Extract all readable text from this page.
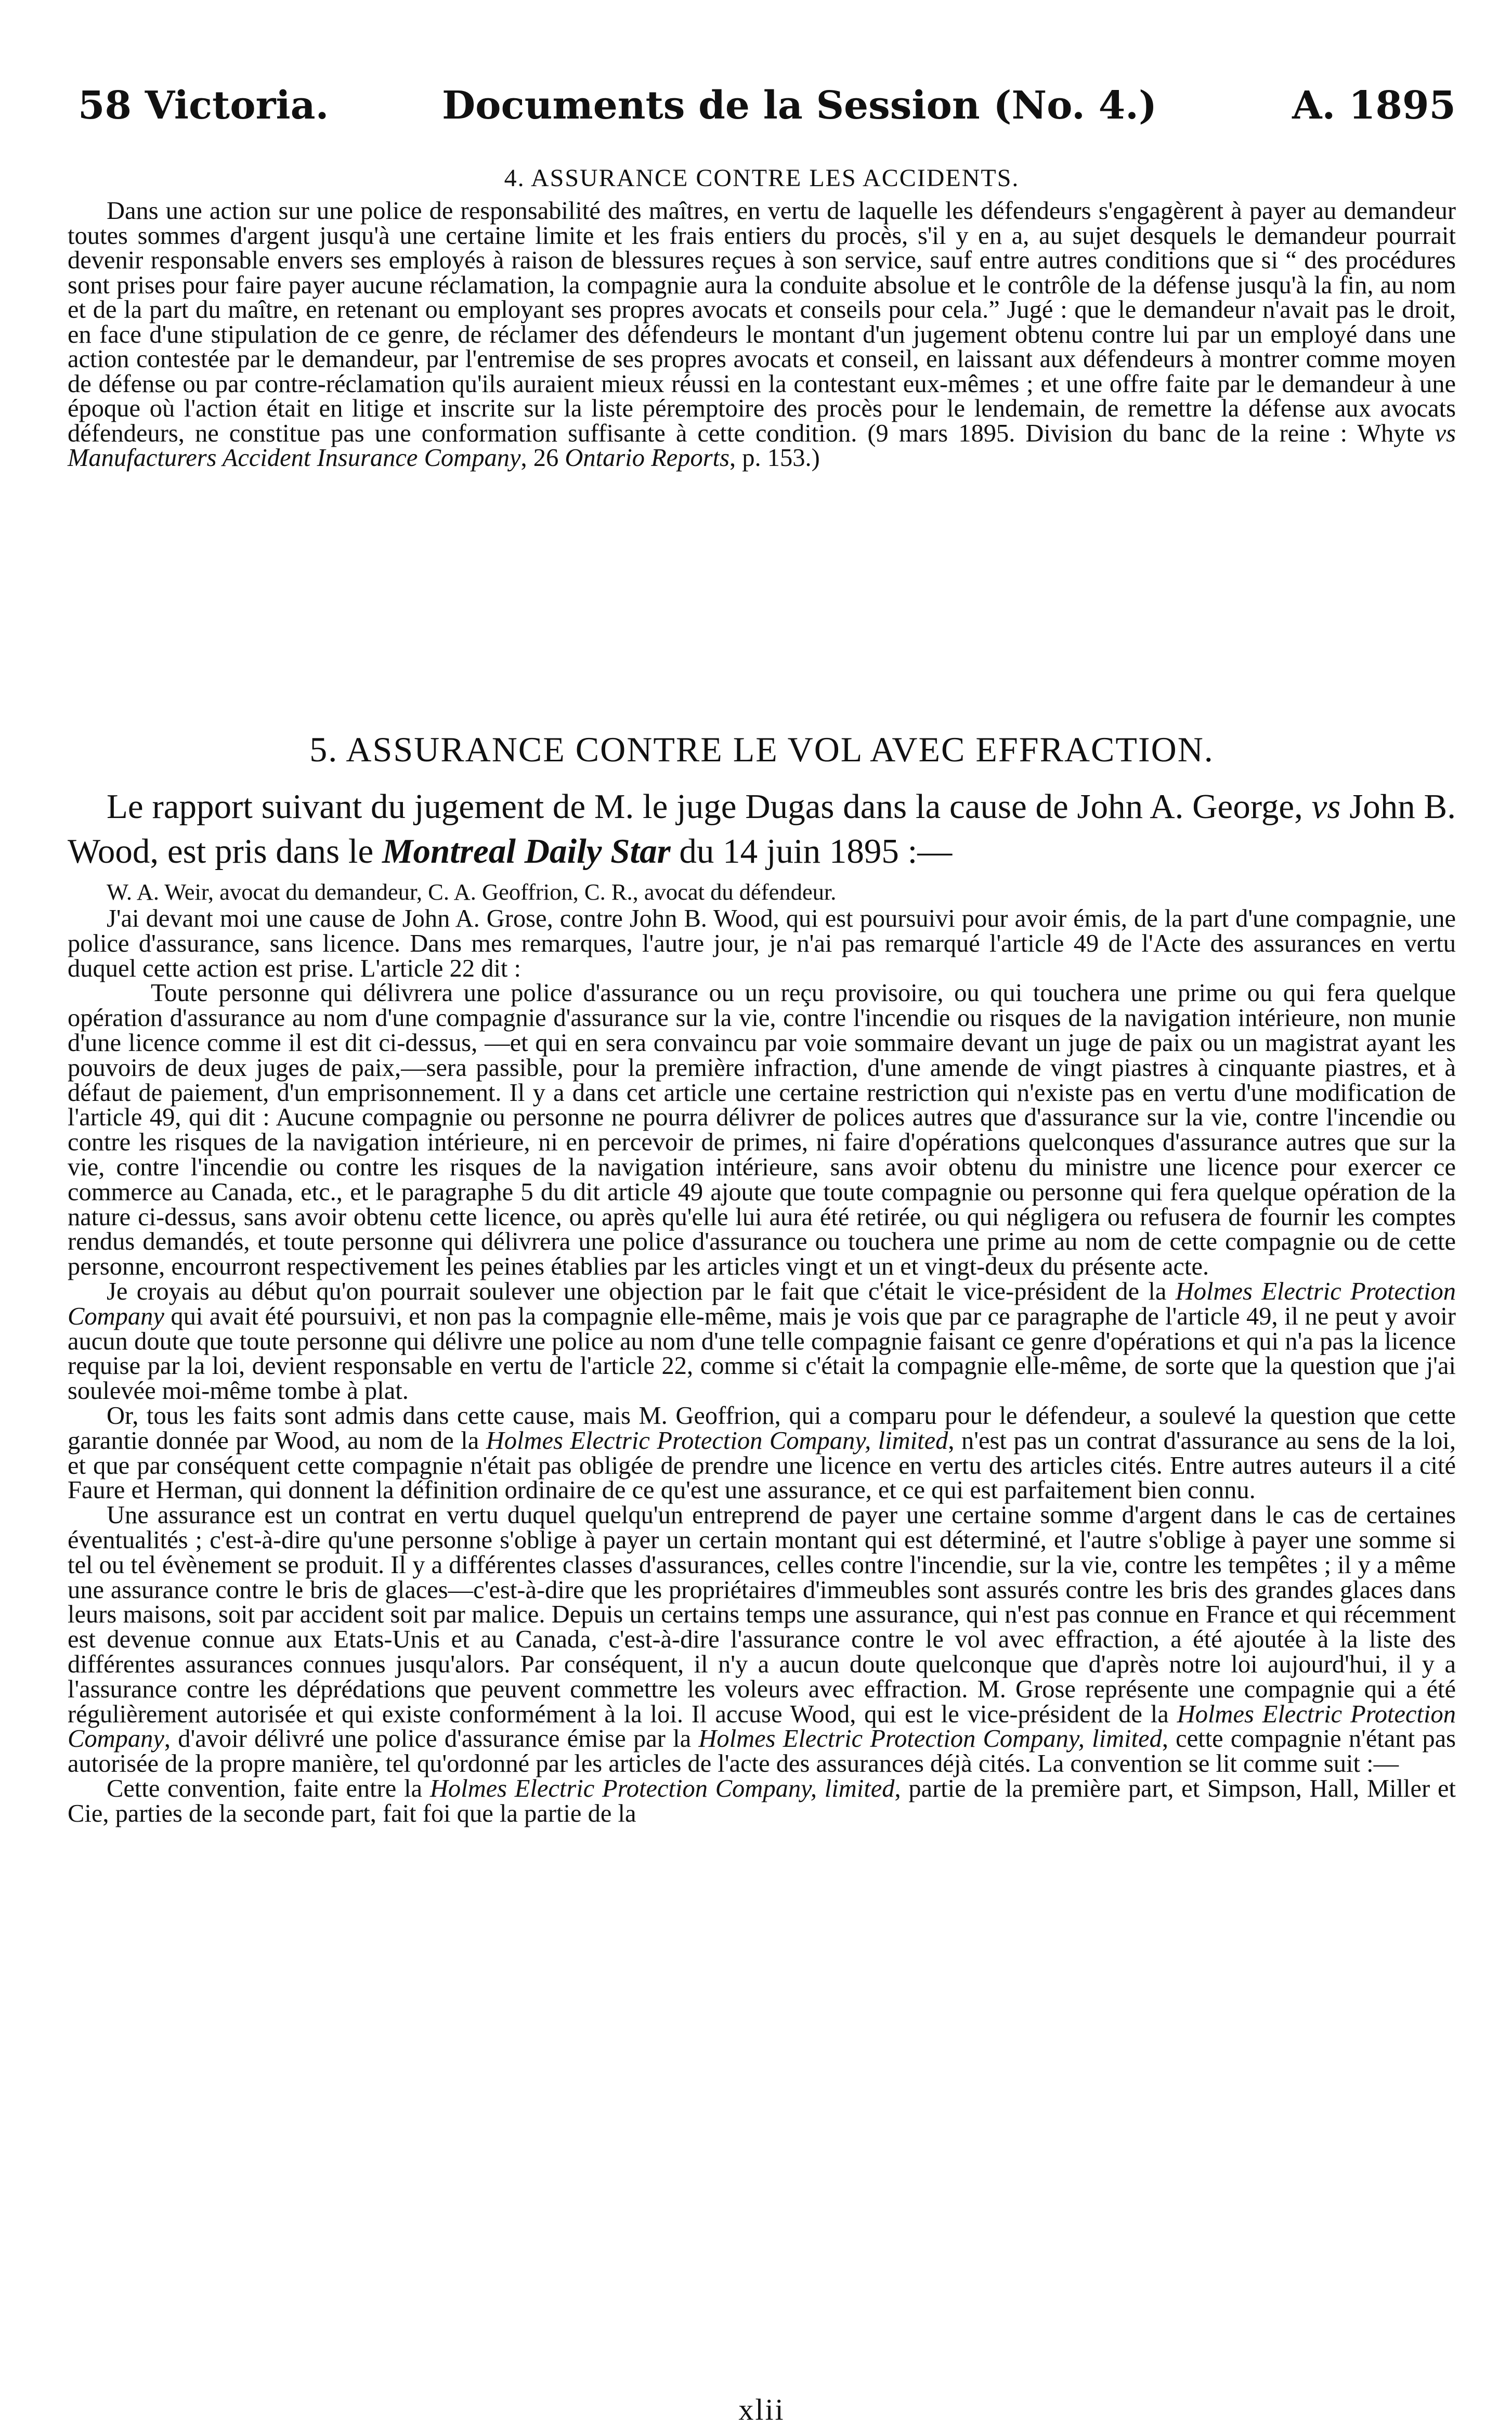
58 Victoria.	Documents de la Session (No. 4.)	A. 1895
4. ASSURANCE CONTRE LES ACCIDENTS.

Dans une action sur une police de responsabilité des maîtres, en vertu de laquelle les défendeurs s'engagèrent à payer au demandeur toutes sommes d'argent jusqu'à une certaine limite et les frais entiers du procès, s'il y en a, au sujet desquels le demandeur pourrait devenir responsable envers ses employés à raison de blessures reçues à son service, sauf entre autres conditions que si “ des procédures sont prises pour faire payer aucune réclamation, la compagnie aura la conduite absolue et le contrôle de la défense jusqu'à la fin, au nom et de la part du maître, en retenant ou employant ses propres avocats et conseils pour cela.” Jugé : que le demandeur n'avait pas le droit, en face d'une stipulation de ce genre, de réclamer des défendeurs le montant d'un jugement obtenu contre lui par un employé dans une action contestée par le demandeur, par l'entremise de ses propres avocats et conseil, en laissant aux défendeurs à montrer comme moyen de défense ou par contre-réclamation qu'ils auraient mieux réussi en la contestant eux-mêmes ; et une offre faite par le demandeur à une époque où l'action était en litige et inscrite sur la liste péremptoire des procès pour le lendemain, de remettre la défense aux avocats défendeurs, ne constitue pas une conformation suffisante à cette condition. (9 mars 1895. Division du banc de la reine : Whyte vs Manufacturers Accident Insurance Company, 26 Ontario Reports, p. 153.)

5. ASSURANCE CONTRE LE VOL AVEC EFFRACTION.

Le rapport suivant du jugement de M. le juge Dugas dans la cause de John A. George, vs John B. Wood, est pris dans le Montreal Daily Star du 14 juin 1895 :—

W. A. Weir, avocat du demandeur, C. A. Geoffrion, C. R., avocat du défendeur.

J'ai devant moi une cause de John A. Grose, contre John B. Wood, qui est poursuivi pour avoir émis, de la part d'une compagnie, une police d'assurance, sans licence. Dans mes remarques, l'autre jour, je n'ai pas remarqué l'article 49 de l'Acte des assurances en vertu duquel cette action est prise. L'article 22 dit :

Toute personne qui délivrera une police d'assurance ou un reçu provisoire, ou qui touchera une prime ou qui fera quelque opération d'assurance au nom d'une compagnie d'assurance sur la vie, contre l'incendie ou risques de la navigation intérieure, non munie d'une licence comme il est dit ci-dessus, —et qui en sera convaincu par voie sommaire devant un juge de paix ou un magistrat ayant les pouvoirs de deux juges de paix,—sera passible, pour la première infraction, d'une amende de vingt piastres à cinquante piastres, et à défaut de paiement, d'un emprisonnement. Il y a dans cet article une certaine restriction qui n'existe pas en vertu d'une modification de l'article 49, qui dit : Aucune compagnie ou personne ne pourra délivrer de polices autres que d'assurance sur la vie, contre l'incendie ou contre les risques de la navigation intérieure, ni en percevoir de primes, ni faire d'opérations quelconques d'assurance autres que sur la vie, contre l'incendie ou contre les risques de la navigation intérieure, sans avoir obtenu du ministre une licence pour exercer ce commerce au Canada, etc., et le paragraphe 5 du dit article 49 ajoute que toute compagnie ou personne qui fera quelque opération de la nature ci-dessus, sans avoir obtenu cette licence, ou après qu'elle lui aura été retirée, ou qui négligera ou refusera de fournir les comptes rendus demandés, et toute personne qui délivrera une police d'assurance ou touchera une prime au nom de cette compagnie ou de cette personne, encourront respectivement les peines établies par les articles vingt et un et vingt-deux du présente acte.

Je croyais au début qu'on pourrait soulever une objection par le fait que c'était le vice-président de la Holmes Electric Protection Company qui avait été poursuivi, et non pas la compagnie elle-même, mais je vois que par ce paragraphe de l'article 49, il ne peut y avoir aucun doute que toute personne qui délivre une police au nom d'une telle compagnie faisant ce genre d'opérations et qui n'a pas la licence requise par la loi, devient responsable en vertu de l'article 22, comme si c'était la compagnie elle-même, de sorte que la question que j'ai soulevée moi-même tombe à plat.

Or, tous les faits sont admis dans cette cause, mais M. Geoffrion, qui a comparu pour le défendeur, a soulevé la question que cette garantie donnée par Wood, au nom de la Holmes Electric Protection Company, limited, n'est pas un contrat d'assurance au sens de la loi, et que par conséquent cette compagnie n'était pas obligée de prendre une licence en vertu des articles cités. Entre autres auteurs il a cité Faure et Herman, qui donnent la définition ordinaire de ce qu'est une assurance, et ce qui est parfaitement bien connu.

Une assurance est un contrat en vertu duquel quelqu'un entreprend de payer une certaine somme d'argent dans le cas de certaines éventualités ; c'est-à-dire qu'une personne s'oblige à payer un certain montant qui est déterminé, et l'autre s'oblige à payer une somme si tel ou tel évènement se produit. Il y a différentes classes d'assurances, celles contre l'incendie, sur la vie, contre les tempêtes ; il y a même une assurance contre le bris de glaces—c'est-à-dire que les propriétaires d'immeubles sont assurés contre les bris des grandes glaces dans leurs maisons, soit par accident soit par malice. Depuis un certains temps une assurance, qui n'est pas connue en France et qui récemment est devenue connue aux Etats-Unis et au Canada, c'est-à-dire l'assurance contre le vol avec effraction, a été ajoutée à la liste des différentes assurances connues jusqu'alors. Par conséquent, il n'y a aucun doute quelconque que d'après notre loi aujourd'hui, il y a l'assurance contre les déprédations que peuvent commettre les voleurs avec effraction. M. Grose représente une compagnie qui a été régulièrement autorisée et qui existe conformément à la loi. Il accuse Wood, qui est le vice-président de la Holmes Electric Protection Company, d'avoir délivré une police d'assurance émise par la Holmes Electric Protection Company, limited, cette compagnie n'étant pas autorisée de la propre manière, tel qu'ordonné par les articles de l'acte des assurances déjà cités. La convention se lit comme suit :—

Cette convention, faite entre la Holmes Electric Protection Company, limited, partie de la première part, et Simpson, Hall, Miller et Cie, parties de la seconde part, fait foi que la partie de la

xlii
